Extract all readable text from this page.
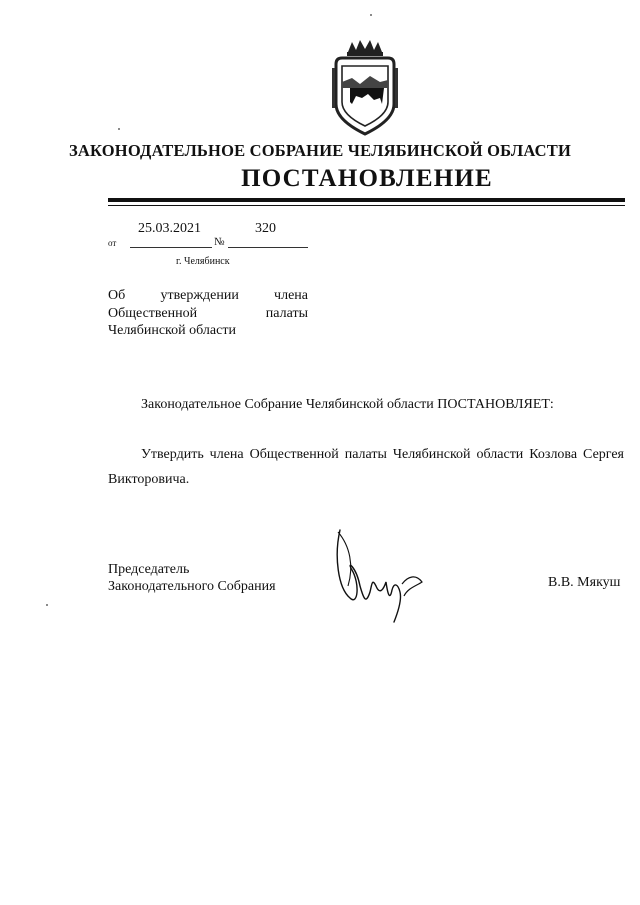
ЗАКОНОДАТЕЛЬНОЕ СОБРАНИЕ ЧЕЛЯБИНСКОЙ ОБЛАСТИ
ПОСТАНОВЛЕНИЕ
25.03.2021	320
от	№
г. Челябинск
Об утверждении члена Общественной палаты Челябинской области
Законодательное Собрание Челябинской области ПОСТАНОВЛЯЕТ:
Утвердить члена Общественной палаты Челябинской области Козлова Сергея
Викторовича.
Председатель
Законодательного Собрания	В.В. Мякуш
